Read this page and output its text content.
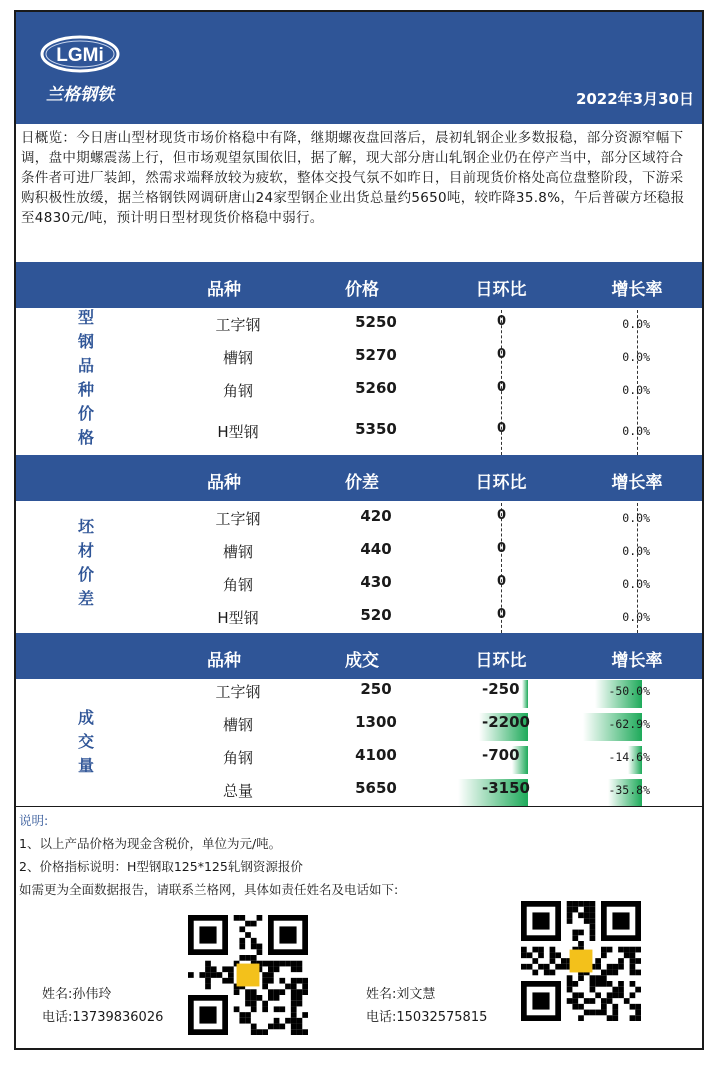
LGMi
兰格钢铁	2022年3月30日
日概览：今日唐山型材现货市场价格稳中有降，继期螺夜盘回落后，晨初轧钢企业多数报稳，部分资源窄幅下调，盘中期螺震荡上行，但市场观望氛围依旧，据了解，现大部分唐山轧钢企业仍在停产当中，部分区域符合条件者可进厂装卸，然需求端释放较为疲软，整体交投气氛不如昨日，目前现货价格处高位盘整阶段，下游采购积极性放缓，据兰格钢铁网调研唐山24家型钢企业出货总量约5650吨，较昨降35.8%，午后普碳方坯稳报至4830元/吨，预计明日型材现货价格稳中弱行。
品种	价格	日环比	增长率
型
钢
品
种
价
格
工字钢	5250	0	0.0%
槽钢	5270	0	0.0%
角钢	5260	0	0.0%
H型钢	5350	0	0.0%
品种	价差	日环比	增长率
坯
材
价
差
工字钢	420	0	0.0%
槽钢	440	0	0.0%
角钢	430	0	0.0%
H型钢	520	0	0.0%
品种	成交	日环比	增长率
成
交
量
工字钢	250	-250	-50.0%
槽钢	1300	-2200	-62.9%
角钢	4100	-700	-14.6%
总量	5650	-3150	-35.8%
说明:
1、以上产品价格为现金含税价，单位为元/吨。
2、价格指标说明：H型钢取125*125轧钢资源报价
如需更为全面数据报告，请联系兰格网，具体如责任姓名及电话如下:
姓名:孙伟玲
电话:13739836026
姓名:刘文慧
电话:15032575815
